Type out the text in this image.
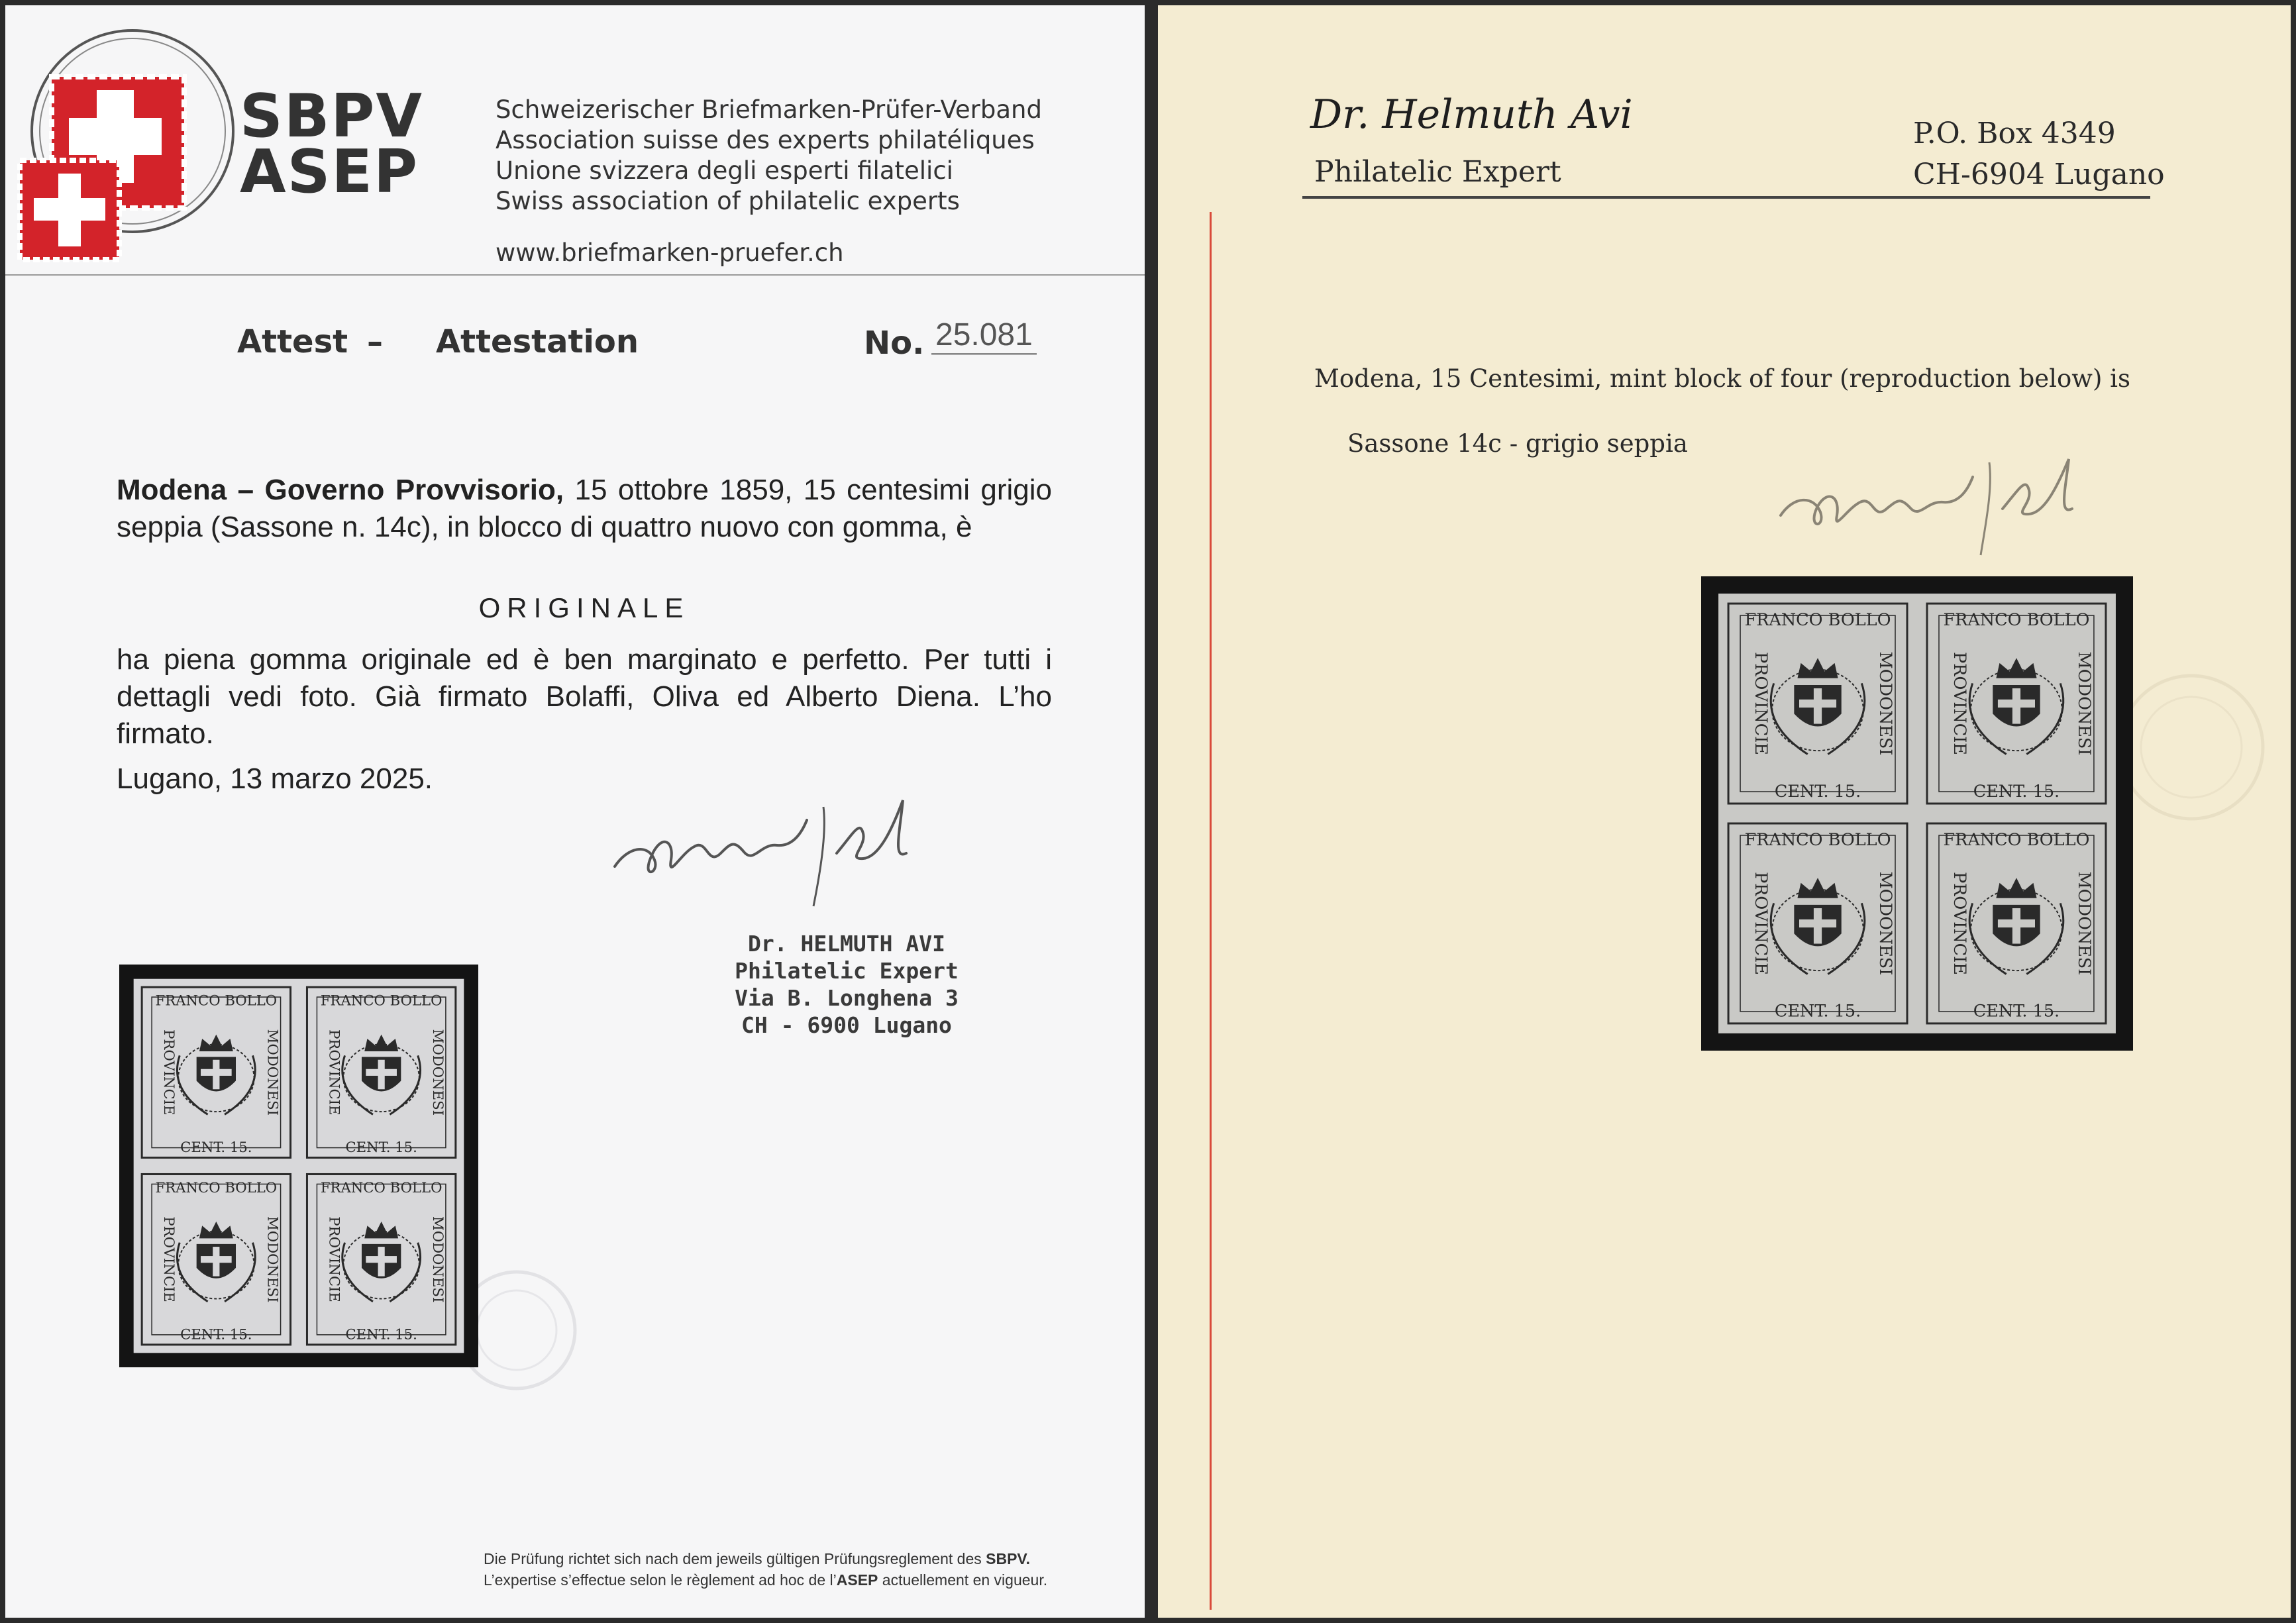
SBPV
ASEP
Schweizerischer Briefmarken-Prüfer-Verband
Association suisse des experts philatéliques
Unione svizzera degli esperti filatelici
Swiss association of philatelic experts
www.briefmarken-pruefer.ch
Attest – Attestation	No. 25.081
Modena – Governo Provvisorio, 15 ottobre 1859, 15 centesimi grigio seppia (Sassone n. 14c), in blocco di quattro nuovo con gomma, è
ORIGINALE
ha piena gomma originale ed è ben marginato e perfetto. Per tutti i dettagli vedi foto. Già firmato Bolaffi, Oliva ed Alberto Diena. L’ho firmato.
Lugano, 13 marzo 2025.
Dr. HELMUTH AVI
Philatelic Expert
Via B. Longhena 3
CH - 6900 Lugano
FRANCO BOLLO
CENT. 15.
PROVINCIE	MODONESI
FRANCO BOLLO
CENT. 15.
PROVINCIE	MODONESI
FRANCO BOLLO
CENT. 15.
PROVINCIE	MODONESI
FRANCO BOLLO
CENT. 15.
PROVINCIE	MODONESI
Die Prüfung richtet sich nach dem jeweils gültigen Prüfungsreglement des SBPV.
L’expertise s’effectue selon le règlement ad hoc de l’ASEP actuellement en vigueur.
Dr. Helmuth Avi
Philatelic Expert
P.O. Box 4349
CH-6904 Lugano
Modena, 15 Centesimi, mint block of four (reproduction below) is
Sassone 14c - grigio seppia
FRANCO BOLLO
CENT. 15.
PROVINCIE	MODONESI
FRANCO BOLLO
CENT. 15.
PROVINCIE	MODONESI
FRANCO BOLLO
CENT. 15.
PROVINCIE	MODONESI
FRANCO BOLLO
CENT. 15.
PROVINCIE	MODONESI
